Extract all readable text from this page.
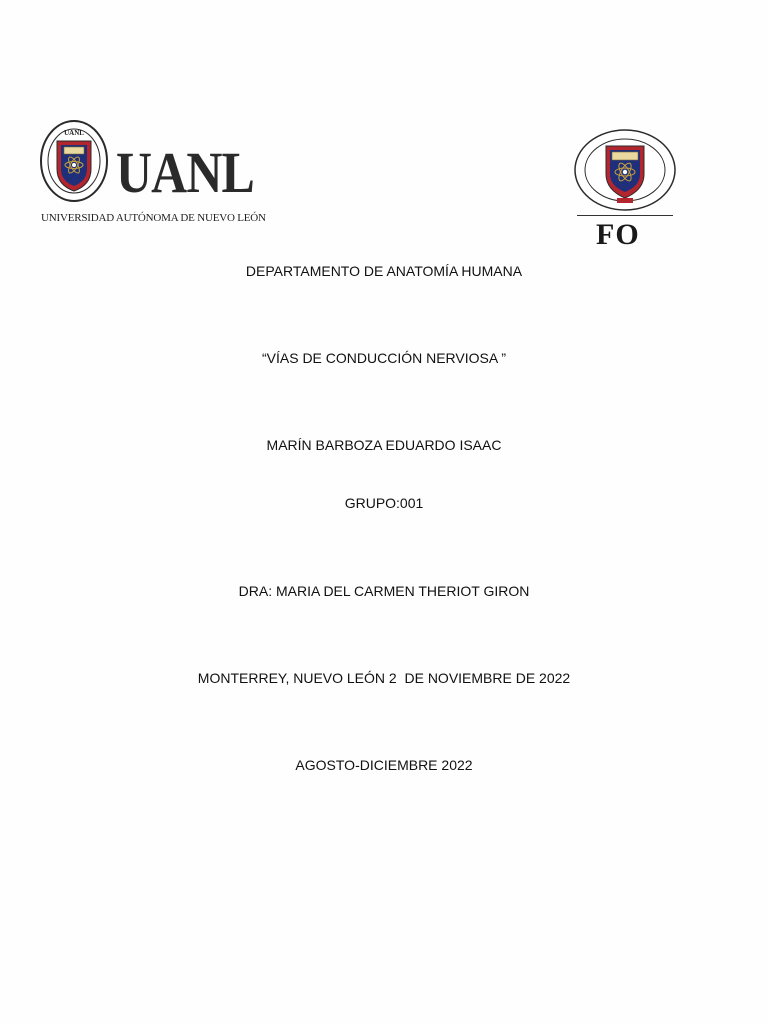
UANL
UANL
UNIVERSIDAD AUTÓNOMA DE NUEVO LEÓN	FO
DEPARTAMENTO DE ANATOMÍA HUMANA
“VÍAS DE CONDUCCIÓN NERVIOSA ”
MARÍN BARBOZA EDUARDO ISAAC
GRUPO:001
DRA: MARIA DEL CARMEN THERIOT GIRON
MONTERREY, NUEVO LEÓN 2  DE NOVIEMBRE DE 2022
AGOSTO-DICIEMBRE 2022
